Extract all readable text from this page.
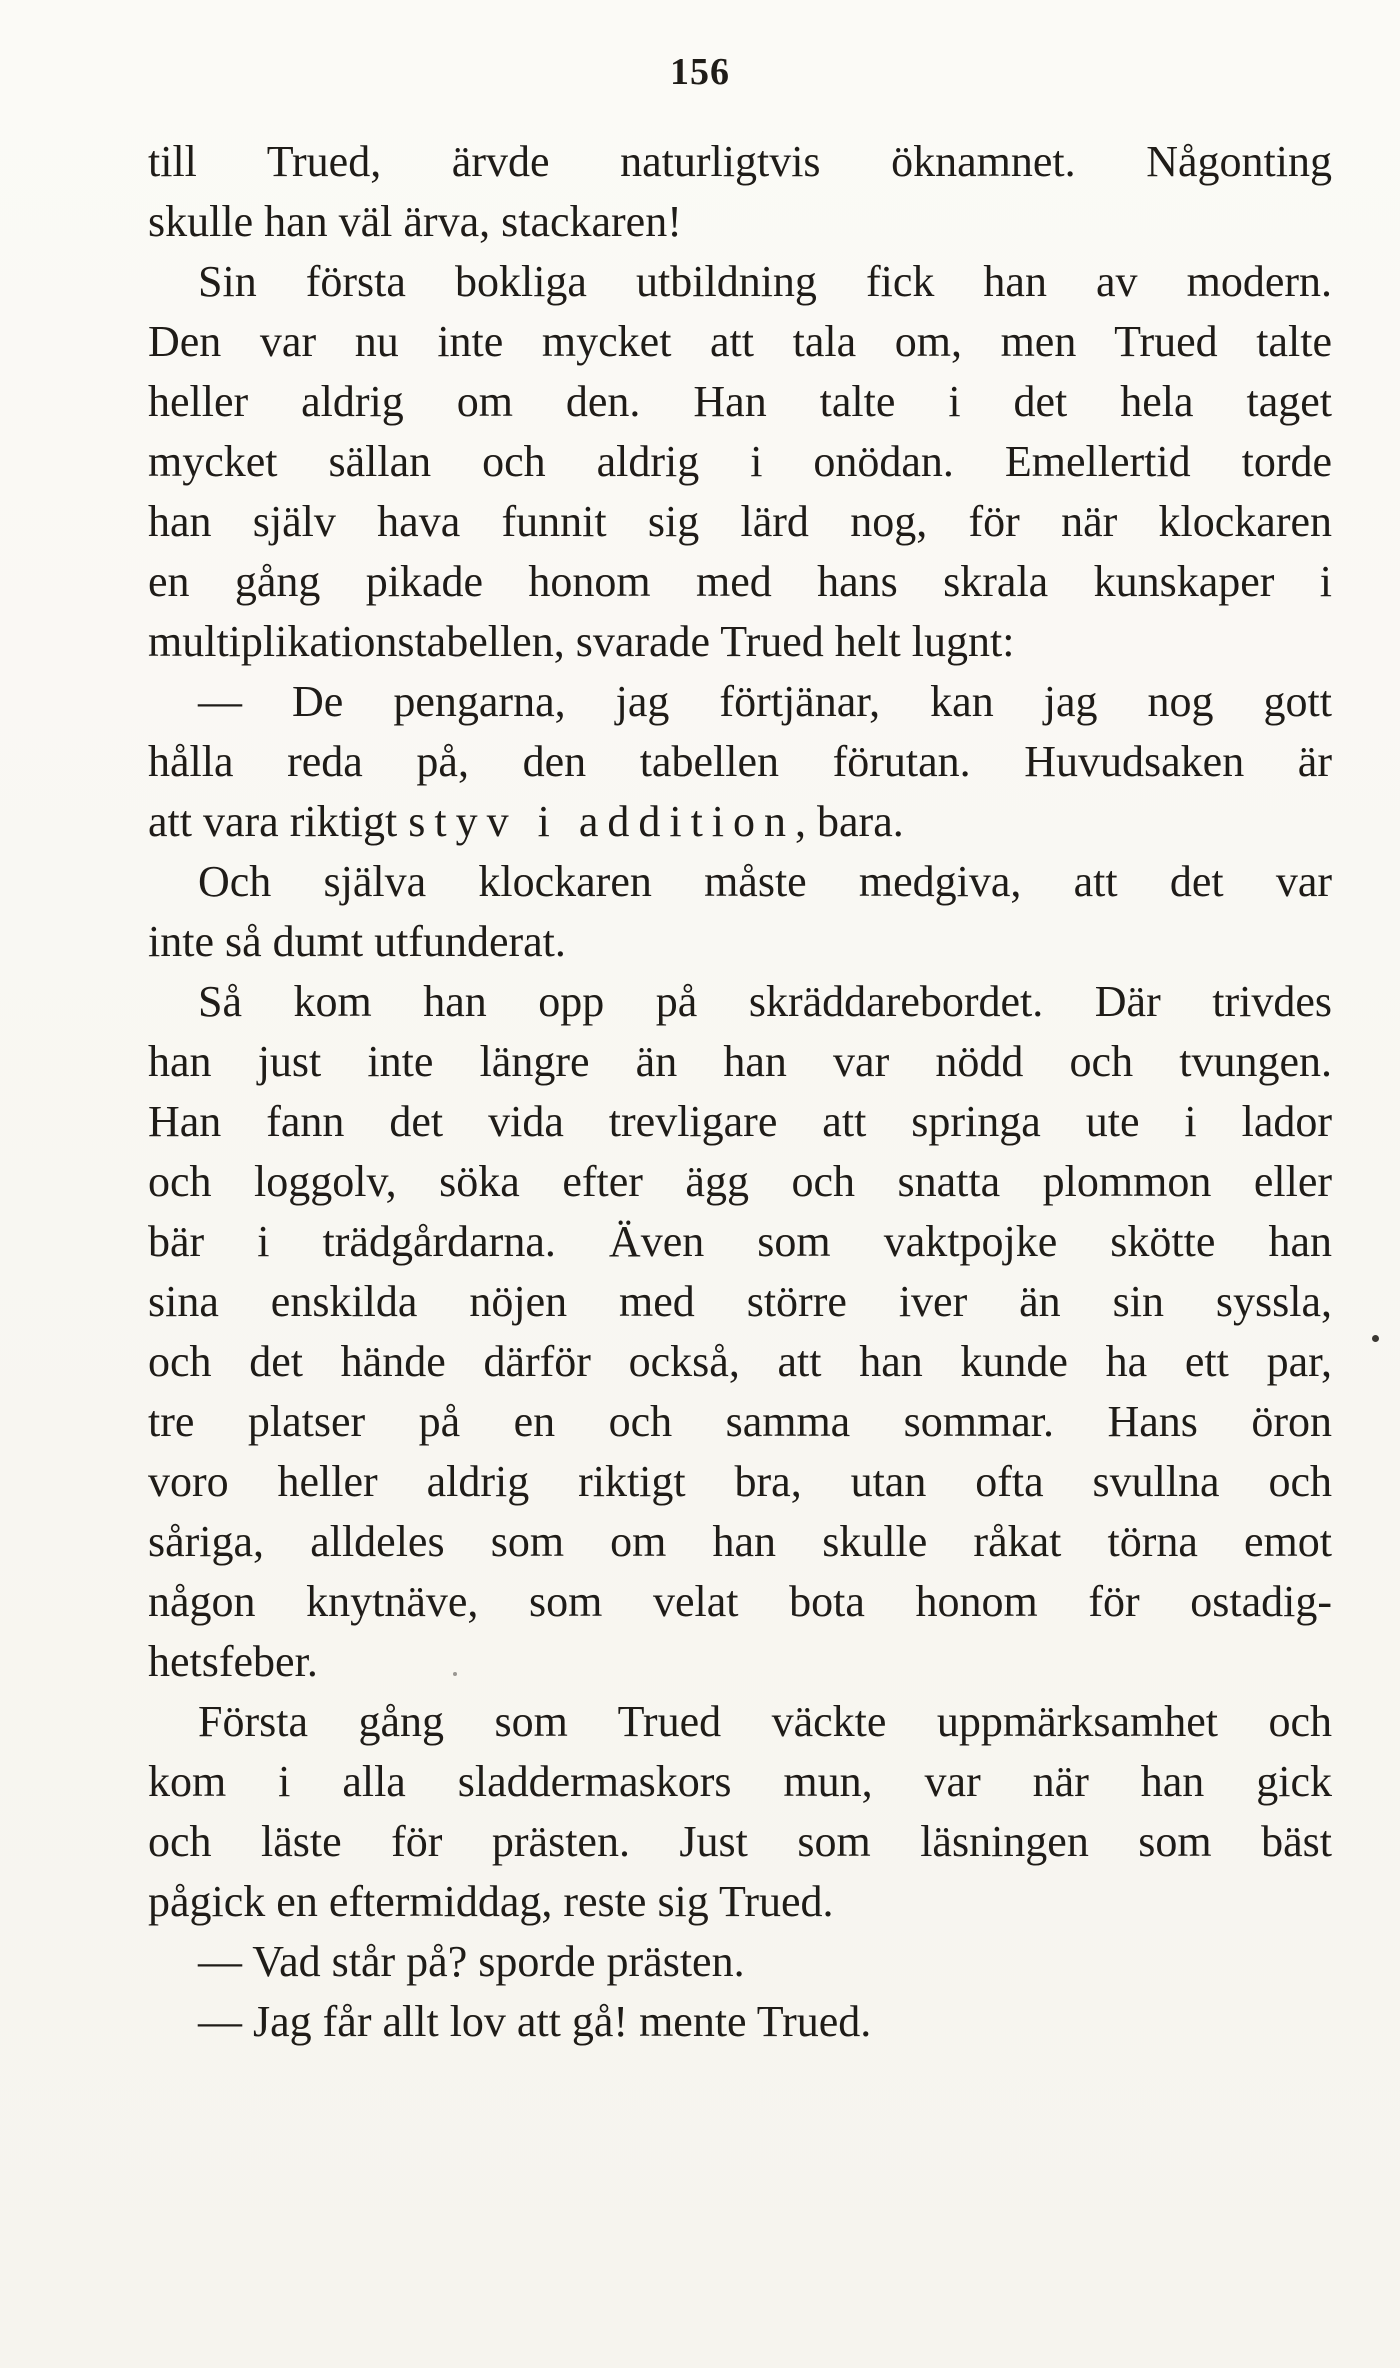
156
till Trued, ärvde naturligtvis öknamnet. Någonting
skulle han väl ärva, stackaren!
Sin första bokliga utbildning fick han av modern.
Den var nu inte mycket att tala om, men Trued talte
heller aldrig om den. Han talte i det hela taget
mycket sällan och aldrig i onödan. Emellertid torde
han själv hava funnit sig lärd nog, för när klockaren
en gång pikade honom med hans skrala kunskaper i
multiplikationstabellen, svarade Trued helt lugnt:
— De pengarna, jag förtjänar, kan jag nog gott
hålla reda på, den tabellen förutan. Huvudsaken är
att vara riktigt styv i addition, bara.
Och själva klockaren måste medgiva, att det var
inte så dumt utfunderat.
Så kom han opp på skräddarebordet. Där trivdes
han just inte längre än han var nödd och tvungen.
Han fann det vida trevligare att springa ute i lador
och loggolv, söka efter ägg och snatta plommon eller
bär i trädgårdarna. Även som vaktpojke skötte han
sina enskilda nöjen med större iver än sin syssla,
och det hände därför också, att han kunde ha ett par,
tre platser på en och samma sommar. Hans öron
voro heller aldrig riktigt bra, utan ofta svullna och
såriga, alldeles som om han skulle råkat törna emot
någon knytnäve, som velat bota honom för ostadig-
hetsfeber.
Första gång som Trued väckte uppmärksamhet och
kom i alla sladdermaskors mun, var när han gick
och läste för prästen. Just som läsningen som bäst
pågick en eftermiddag, reste sig Trued.
— Vad står på? sporde prästen.
— Jag får allt lov att gå! mente Trued.
